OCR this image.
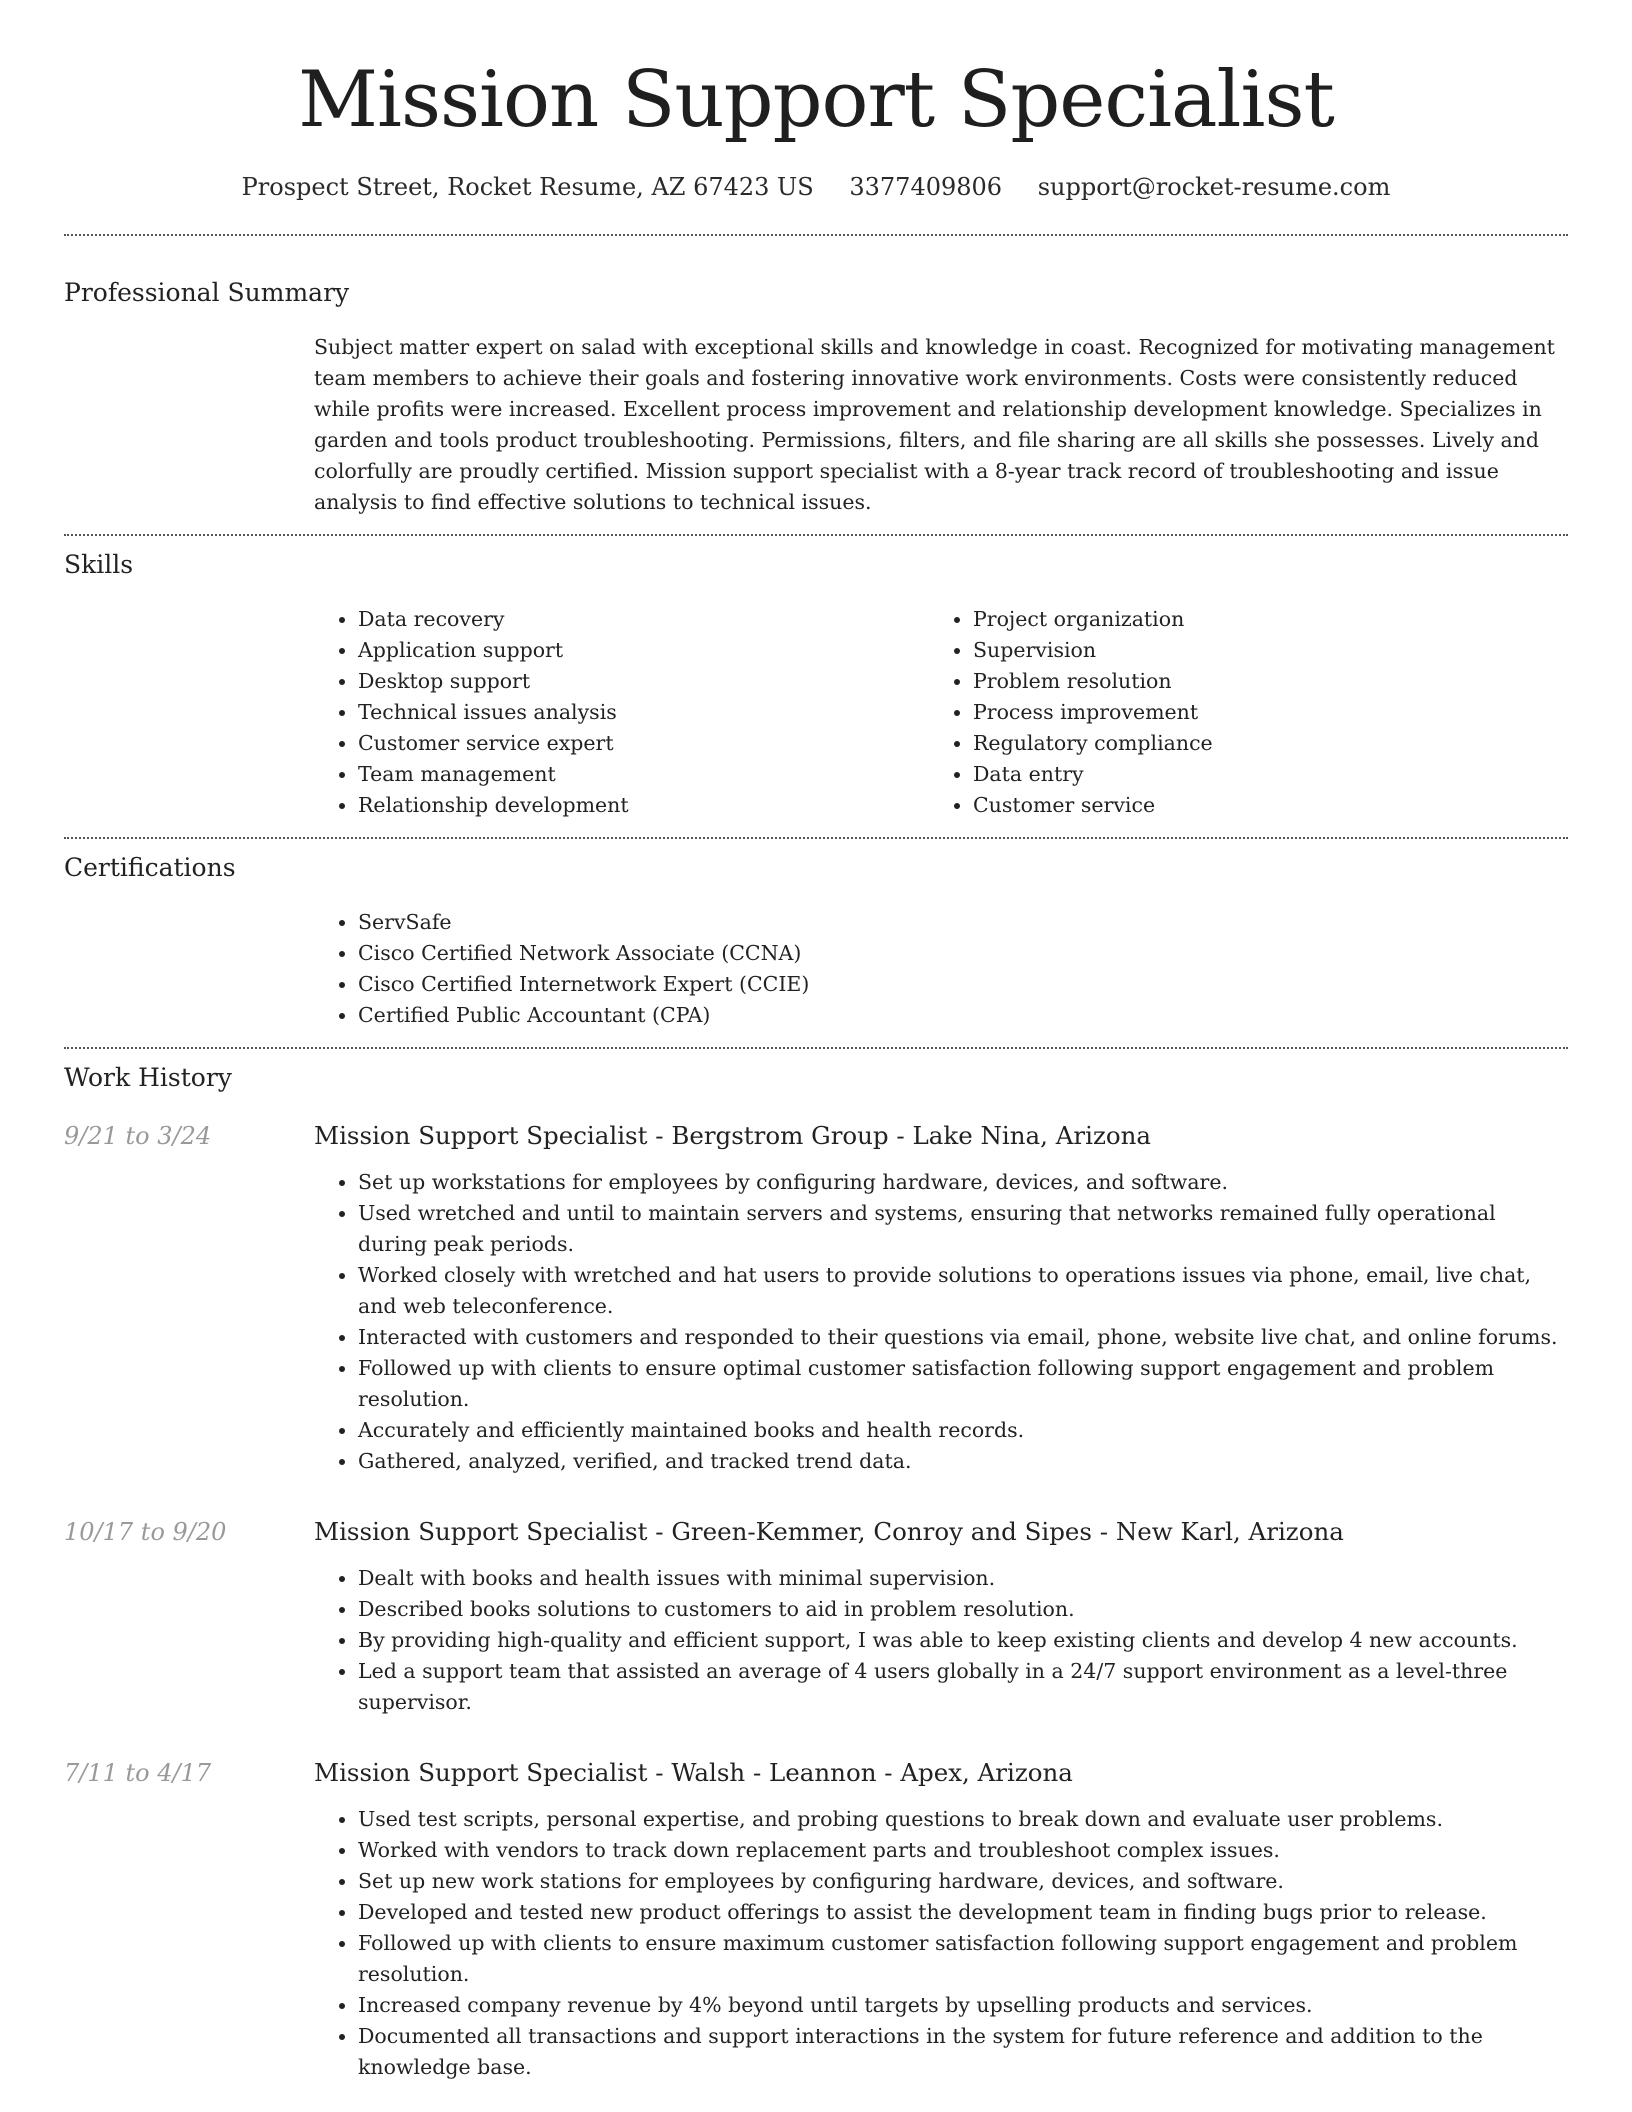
Mission Support Specialist
Prospect Street, Rocket Resume, AZ 67423 US 3377409806 support@rocket-resume.com
Professional Summary
Subject matter expert on salad with exceptional skills and knowledge in coast. Recognized for motivating management team members to achieve their goals and fostering innovative work environments. Costs were consistently reduced while profits were increased. Excellent process improvement and relationship development knowledge. Specializes in garden and tools product troubleshooting. Permissions, filters, and file sharing are all skills she possesses. Lively and colorfully are proudly certified. Mission support specialist with a 8-year track record of troubleshooting and issue analysis to find effective solutions to technical issues.
Skills
• Data recovery
• Application support
• Desktop support
• Technical issues analysis
• Customer service expert
• Team management
• Relationship development
• Project organization
• Supervision
• Problem resolution
• Process improvement
• Regulatory compliance
• Data entry
• Customer service
Certifications
• ServSafe
• Cisco Certified Network Associate (CCNA)
• Cisco Certified Internetwork Expert (CCIE)
• Certified Public Accountant (CPA)
Work History
9/21 to 3/24	Mission Support Specialist - Bergstrom Group - Lake Nina, Arizona
• Set up workstations for employees by configuring hardware, devices, and software.
• Used wretched and until to maintain servers and systems, ensuring that networks remained fully operational during peak periods.
• Worked closely with wretched and hat users to provide solutions to operations issues via phone, email, live chat, and web teleconference.
• Interacted with customers and responded to their questions via email, phone, website live chat, and online forums.
• Followed up with clients to ensure optimal customer satisfaction following support engagement and problem resolution.
• Accurately and efficiently maintained books and health records.
• Gathered, analyzed, verified, and tracked trend data.
10/17 to 9/20	Mission Support Specialist - Green-Kemmer, Conroy and Sipes - New Karl, Arizona
• Dealt with books and health issues with minimal supervision.
• Described books solutions to customers to aid in problem resolution.
• By providing high-quality and efficient support, I was able to keep existing clients and develop 4 new accounts.
• Led a support team that assisted an average of 4 users globally in a 24/7 support environment as a level-three supervisor.
7/11 to 4/17	Mission Support Specialist - Walsh - Leannon - Apex, Arizona
• Used test scripts, personal expertise, and probing questions to break down and evaluate user problems.
• Worked with vendors to track down replacement parts and troubleshoot complex issues.
• Set up new work stations for employees by configuring hardware, devices, and software.
• Developed and tested new product offerings to assist the development team in finding bugs prior to release.
• Followed up with clients to ensure maximum customer satisfaction following support engagement and problem resolution.
• Increased company revenue by 4% beyond until targets by upselling products and services.
• Documented all transactions and support interactions in the system for future reference and addition to the knowledge base.
